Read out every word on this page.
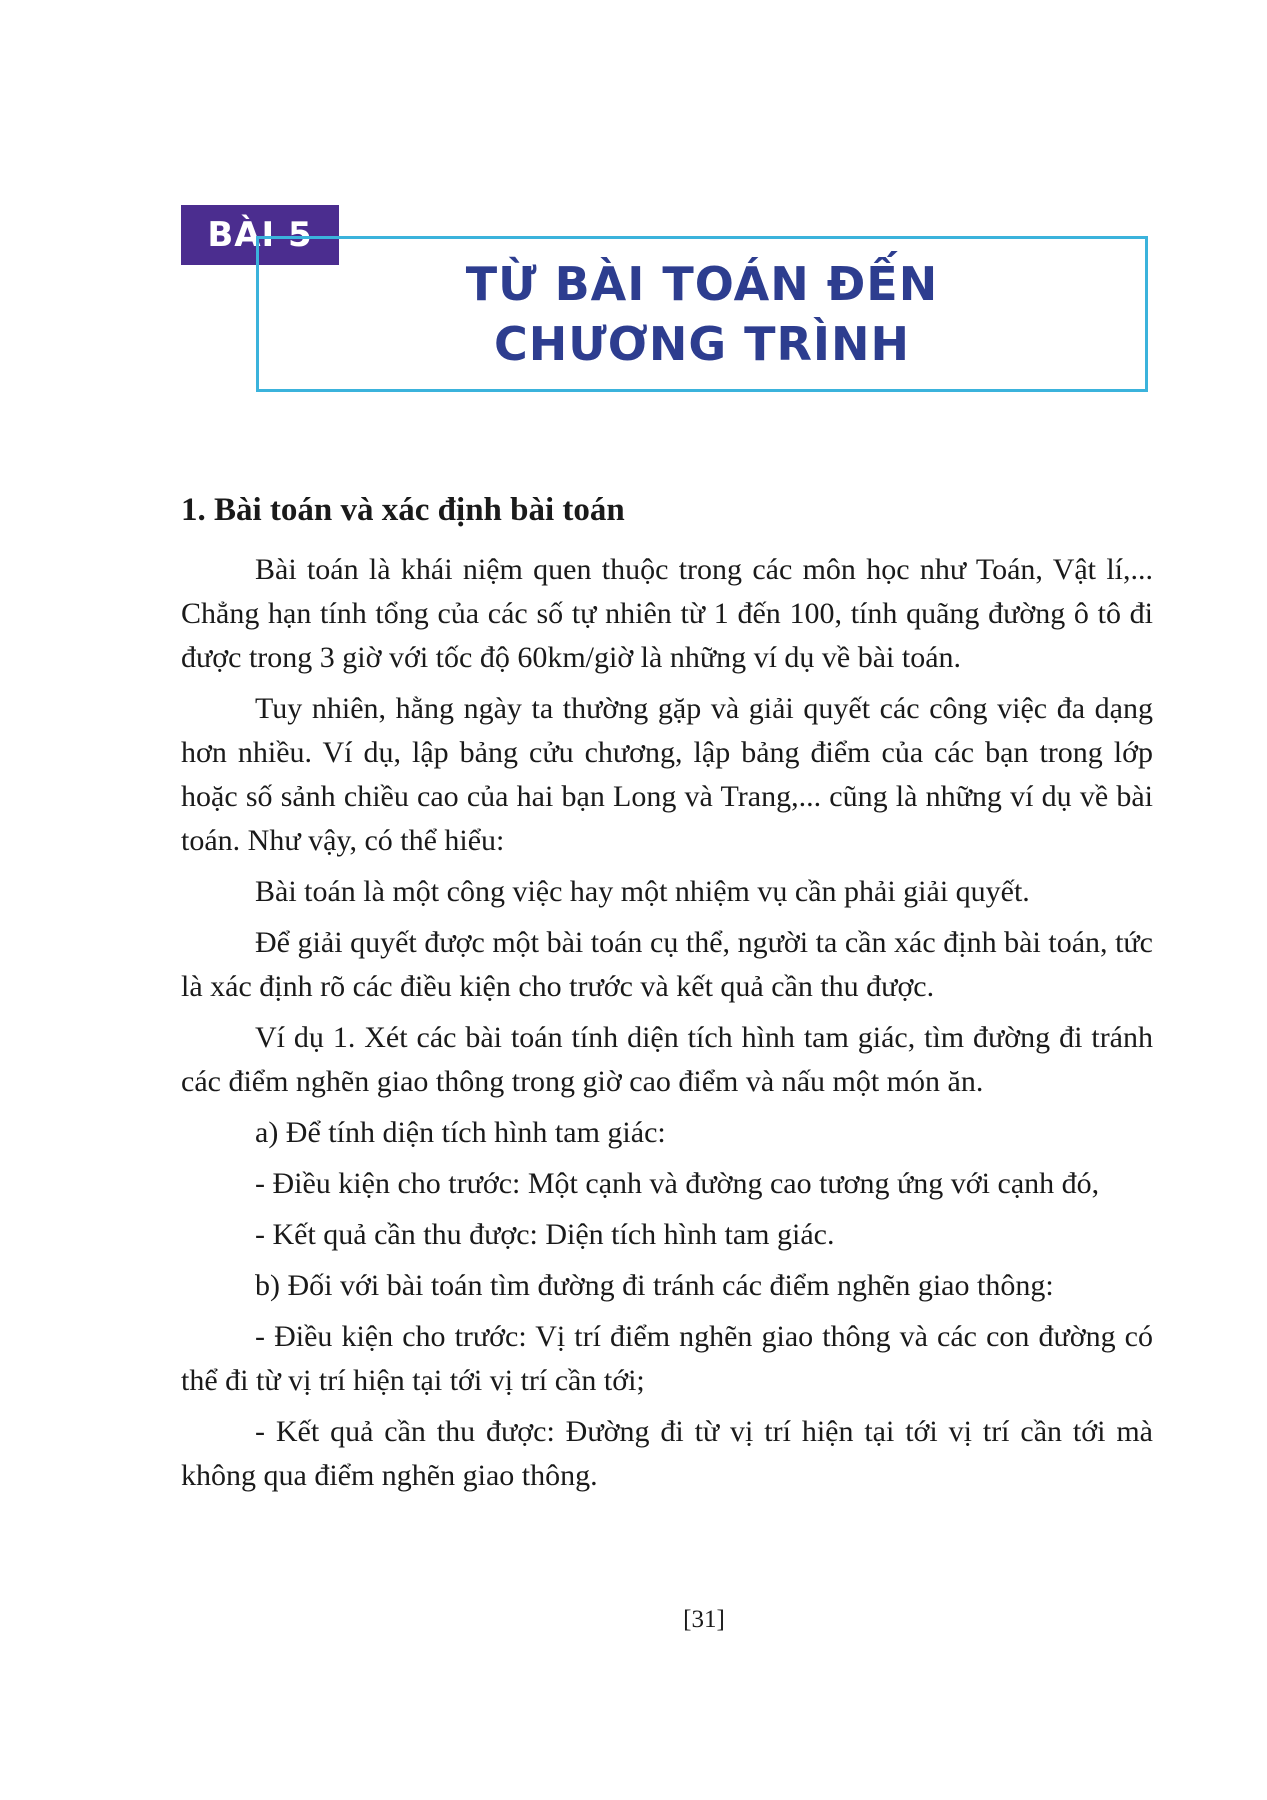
BÀI 5
TỪ BÀI TOÁN ĐẾN
CHƯƠNG TRÌNH
1. Bài toán và xác định bài toán

Bài toán là khái niệm quen thuộc trong các môn học như Toán, Vật lí,... Chẳng hạn tính tổng của các số tự nhiên từ 1 đến 100, tính quãng đường ô tô đi được trong 3 giờ với tốc độ 60km/giờ là những ví dụ về bài toán.

Tuy nhiên, hằng ngày ta thường gặp và giải quyết các công việc đa dạng hơn nhiều. Ví dụ, lập bảng cửu chương, lập bảng điểm của các bạn trong lớp hoặc số sảnh chiều cao của hai bạn Long và Trang,... cũng là những ví dụ về bài toán. Như vậy, có thể hiểu:

Bài toán là một công việc hay một nhiệm vụ cần phải giải quyết.

Để giải quyết được một bài toán cụ thể, người ta cần xác định bài toán, tức là xác định rõ các điều kiện cho trước và kết quả cần thu được.

Ví dụ 1. Xét các bài toán tính diện tích hình tam giác, tìm đường đi tránh các điểm nghẽn giao thông trong giờ cao điểm và nấu một món ăn.

a) Để tính diện tích hình tam giác:

- Điều kiện cho trước: Một cạnh và đường cao tương ứng với cạnh đó,

- Kết quả cần thu được: Diện tích hình tam giác.

b) Đối với bài toán tìm đường đi tránh các điểm nghẽn giao thông:

- Điều kiện cho trước: Vị trí điểm nghẽn giao thông và các con đường có thể đi từ vị trí hiện tại tới vị trí cần tới;

- Kết quả cần thu được: Đường đi từ vị trí hiện tại tới vị trí cần tới mà không qua điểm nghẽn giao thông.

[31]
